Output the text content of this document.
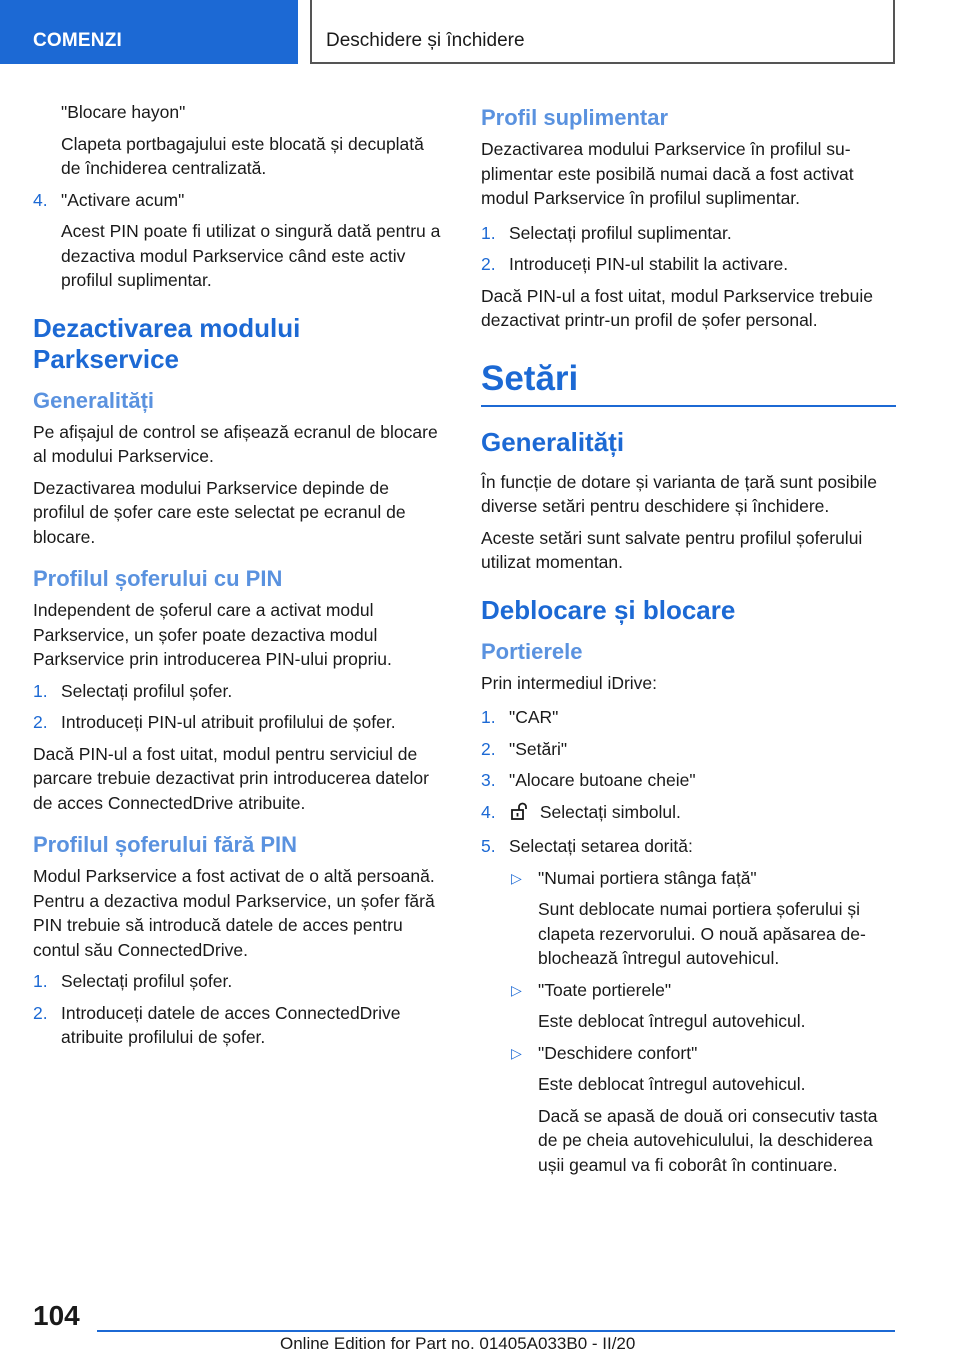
COMENZI	Deschidere și închidere

"Blocare hayon"

Clapeta portbagajului este blocată și decuplată de închiderea centralizată.

4. "Activare acum"

Acest PIN poate fi utilizat o singură dată pentru a dezactiva modul Parkservice când este activ profilul suplimentar.

Dezactivarea modului Parkservice
Generalități

Pe afișajul de control se afișează ecranul de blocare al modului Parkservice.

Dezactivarea modului Parkservice depinde de profilul de șofer care este selectat pe ecranul de blocare.

Profilul șoferului cu PIN

Independent de șoferul care a activat modul Parkservice, un șofer poate dezactiva modul Parkservice prin introducerea PIN-ului propriu.

1. Selectați profilul șofer.
2. Introduceți PIN-ul atribuit profilului de șofer.

Dacă PIN-ul a fost uitat, modul pentru serviciul de parcare trebuie dezactivat prin introducerea datelor de acces ConnectedDrive atribuite.

Profilul șoferului fără PIN

Modul Parkservice a fost activat de o altă persoană. Pentru a dezactiva modul Parkservice, un șofer fără PIN trebuie să introducă datele de acces pentru contul său ConnectedDrive.

1. Selectați profilul șofer.
2. Introduceți datele de acces ConnectedDrive atribuite profilului de șofer.
Profil suplimentar

Dezactivarea modului Parkservice în profilul suplimentar este posibilă numai dacă a fost activat modul Parkservice în profilul suplimentar.

1. Selectați profilul suplimentar.
2. Introduceți PIN-ul stabilit la activare.

Dacă PIN-ul a fost uitat, modul Parkservice trebuie dezactivat printr-un profil de șofer personal.

Setări
Generalități

În funcție de dotare și varianta de țară sunt posibile diverse setări pentru deschidere și închidere.

Aceste setări sunt salvate pentru profilul șoferului utilizat momentan.

Deblocare și blocare
Portierele

Prin intermediul iDrive:

1. "CAR"
2. "Setări"
3. "Alocare butoane cheie"
4.	Selectați simbolul.
5. Selectați setarea dorită:
▷ "Numai portiera stânga față"

Sunt deblocate numai portiera șoferului și clapeta rezervorului. O nouă apăsarea deblochează întregul autovehicul.

▷ "Toate portierele"

Este deblocat întregul autovehicul.

▷ "Deschidere confort"

Este deblocat întregul autovehicul.

Dacă se apasă de două ori consecutiv tasta de pe cheia autovehiculului, la deschiderea ușii geamul va fi coborât în continuare.

104
Online Edition for Part no. 01405A033B0 - II/20
